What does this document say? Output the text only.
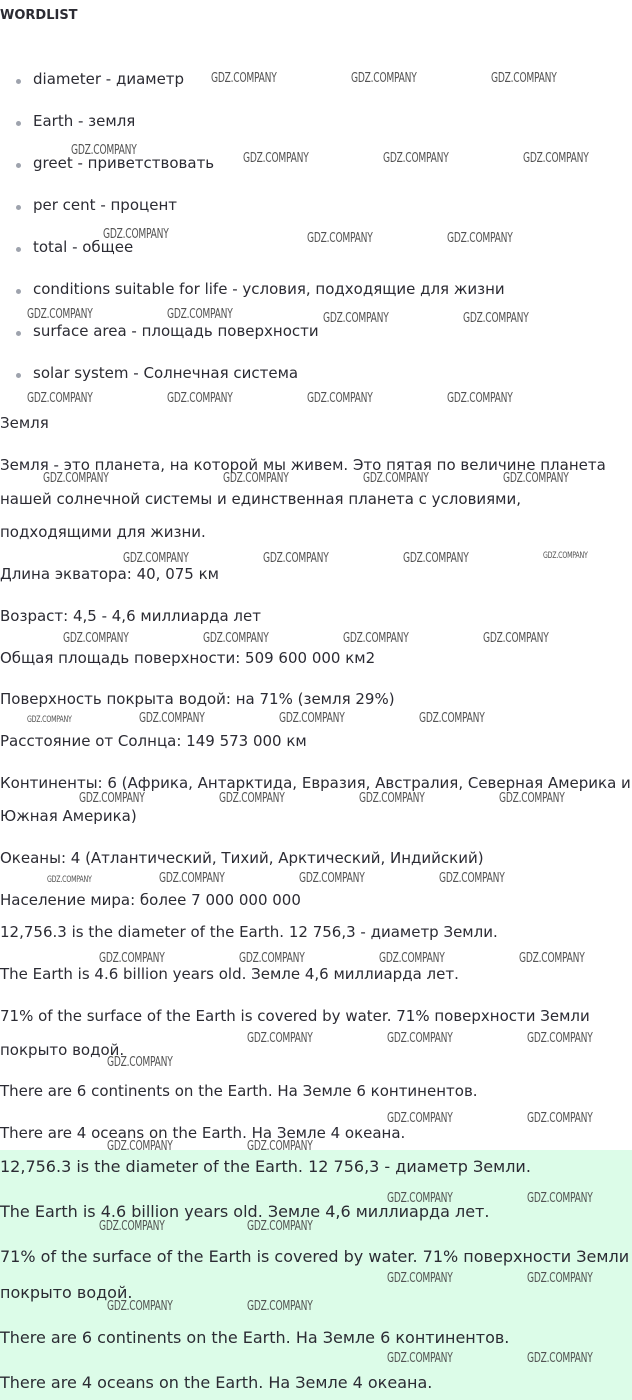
WORDLIST
diameter - диаметр
Earth - земля
greet - приветствовать
per cent - процент
total - общее
conditions suitable for life - условия, подходящие для жизни
surface area - площадь поверхности
solar system - Солнечная система
Земля
Земля - это планета, на которой мы живем. Это пятая по величине планета
нашей солнечной системы и единственная планета с условиями,
подходящими для жизни.
Длина экватора: 40, 075 км
Возраст: 4,5 - 4,6 миллиарда лет
Общая площадь поверхности: 509 600 000 км2
Поверхность покрыта водой: на 71% (земля 29%)
Расстояние от Солнца: 149 573 000 км
Континенты: 6 (Африка, Антарктида, Евразия, Австралия, Северная Америка и
Южная Америка)
Океаны: 4 (Атлантический, Тихий, Арктический, Индийский)
Население мира: более 7 000 000 000
12,756.3 is the diameter of the Earth. 12 756,3 - диаметр Земли.
The Earth is 4.6 billion years old. Земле 4,6 миллиарда лет.
71% of the surface of the Earth is covered by water. 71% поверхности Земли
покрыто водой.
There are 6 continents on the Earth. На Земле 6 континентов.
There are 4 oceans on the Earth. На Земле 4 океана.
12,756.3 is the diameter of the Earth. 12 756,3 - диаметр Земли.
The Earth is 4.6 billion years old. Земле 4,6 миллиарда лет.
71% of the surface of the Earth is covered by water. 71% поверхности Земли
покрыто водой.
There are 6 continents on the Earth. На Земле 6 континентов.
There are 4 oceans on the Earth. На Земле 4 океана.
GDZ.COMPANY	GDZ.COMPANY	GDZ.COMPANY
GDZ.COMPANY
GDZ.COMPANY	GDZ.COMPANY	GDZ.COMPANY
GDZ.COMPANY	GDZ.COMPANY	GDZ.COMPANY
GDZ.COMPANY	GDZ.COMPANY	GDZ.COMPANY	GDZ.COMPANY
GDZ.COMPANY	GDZ.COMPANY	GDZ.COMPANY	GDZ.COMPANY
GDZ.COMPANY	GDZ.COMPANY	GDZ.COMPANY	GDZ.COMPANY
GDZ.COMPANY	GDZ.COMPANY	GDZ.COMPANY	GDZ.COMPANY
GDZ.COMPANY	GDZ.COMPANY	GDZ.COMPANY	GDZ.COMPANY
GDZ.COMPANY	GDZ.COMPANY	GDZ.COMPANY	GDZ.COMPANY
GDZ.COMPANY	GDZ.COMPANY	GDZ.COMPANY	GDZ.COMPANY
GDZ.COMPANY	GDZ.COMPANY	GDZ.COMPANY	GDZ.COMPANY
GDZ.COMPANY	GDZ.COMPANY	GDZ.COMPANY	GDZ.COMPANY
GDZ.COMPANY	GDZ.COMPANY	GDZ.COMPANY
GDZ.COMPANY
GDZ.COMPANY	GDZ.COMPANY
GDZ.COMPANY	GDZ.COMPANY
GDZ.COMPANY	GDZ.COMPANY
GDZ.COMPANY	GDZ.COMPANY
GDZ.COMPANY	GDZ.COMPANY
GDZ.COMPANY	GDZ.COMPANY
GDZ.COMPANY	GDZ.COMPANY
